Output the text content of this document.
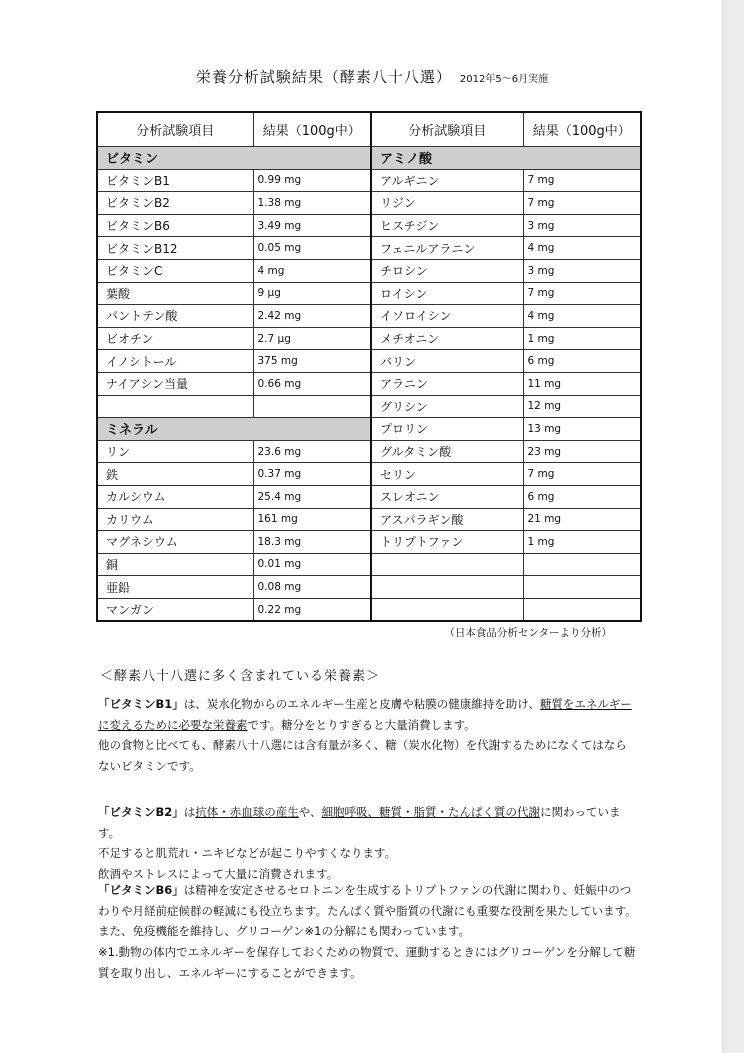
栄養分析試験結果（酵素八十八選） 2012年5～6月実施
分析試験項目	結果（100g中）	分析試験項目	結果（100g中）
ビタミン		アミノ酸	
ビタミンB1	0.99 mg	アルギニン	7 mg
ビタミンB2	1.38 mg	リジン	7 mg
ビタミンB6	3.49 mg	ヒスチジン	3 mg
ビタミンB12	0.05 mg	フェニルアラニン	4 mg
ビタミンC	4 mg	チロシン	3 mg
葉酸	9 μg	ロイシン	7 mg
パントテン酸	2.42 mg	イソロイシン	4 mg
ビオチン	2.7 μg	メチオニン	1 mg
イノシトール	375 mg	バリン	6 mg
ナイアシン当量	0.66 mg	アラニン	11 mg
		グリシン	12 mg
ミネラル		プロリン	13 mg
リン	23.6 mg	グルタミン酸	23 mg
鉄	0.37 mg	セリン	7 mg
カルシウム	25.4 mg	スレオニン	6 mg
カリウム	161 mg	アスパラギン酸	21 mg
マグネシウム	18.3 mg	トリプトファン	1 mg
銅	0.01 mg		
亜鉛	0.08 mg		
マンガン	0.22 mg		
（日本食品分析センターより分析）
＜酵素八十八選に多く含まれている栄養素＞

「ビタミンB1」は、炭水化物からのエネルギー生産と皮膚や粘膜の健康維持を助け、糖質をエネルギーに変えるために必要な栄養素です。糖分をとりすぎると大量消費します。

他の食物と比べても、酵素八十八選には含有量が多く、糖（炭水化物）を代謝するためになくてはならないビタミンです。

「ビタミンB2」は抗体・赤血球の産生や、細胞呼吸、糖質・脂質・たんぱく質の代謝に関わっています。

不足すると肌荒れ・ニキビなどが起こりやすくなります。

飲酒やストレスによって大量に消費されます。

「ビタミンB6」は精神を安定させるセロトニンを生成するトリプトファンの代謝に関わり、妊娠中のつわりや月経前症候群の軽減にも役立ちます。たんぱく質や脂質の代謝にも重要な役割を果たしています。

また、免疫機能を維持し、グリコーゲン※1の分解にも関わっています。

※1.動物の体内でエネルギーを保存しておくための物質で、運動するときにはグリコーゲンを分解して糖質を取り出し、エネルギーにすることができます。
